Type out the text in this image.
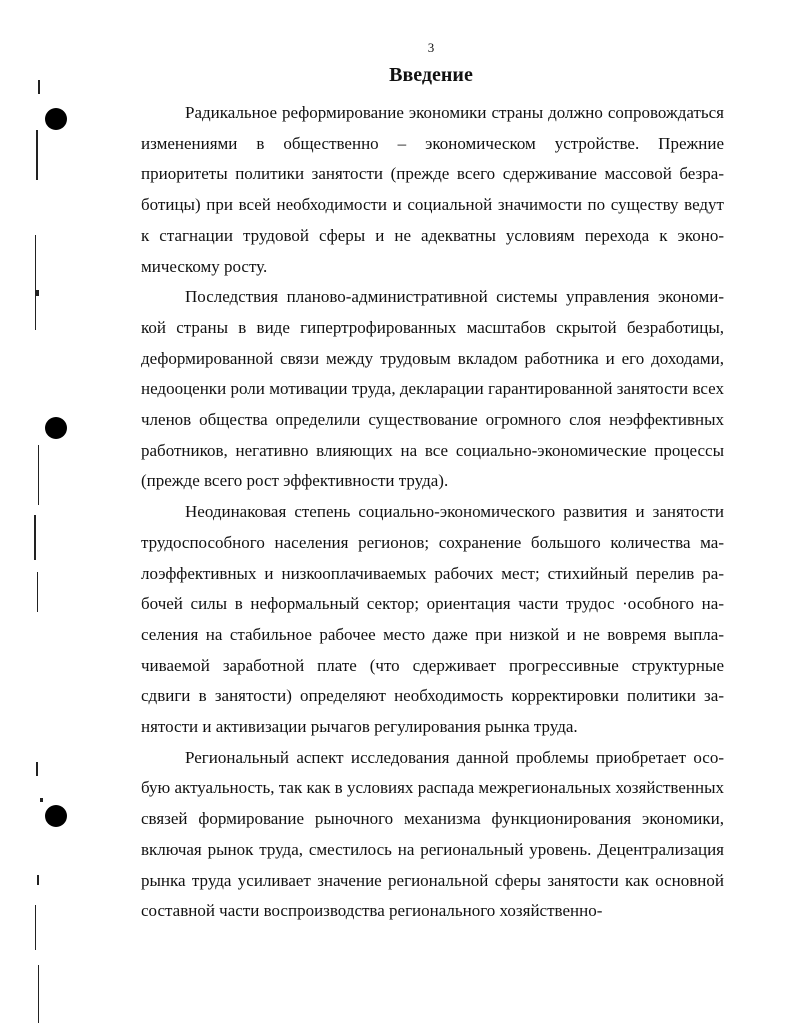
3
Введение

Радикальное реформирование экономики страны должно сопровождаться изменениями в общественно – экономическом устройстве. Прежние приоритеты политики занятости (прежде всего сдерживание массовой безработицы) при всей необходимости и социальной значимости по существу ведут к стагнации трудовой сферы и не адекватны условиям перехода к экономическому росту.

Последствия планово-административной системы управления экономикой страны в виде гипертрофированных масштабов скрытой безработицы, деформированной связи между трудовым вкладом работника и его доходами, недооценки роли мотивации труда, декларации гарантированной занятости всех членов общества определили существование огромного слоя неэффективных работников, негативно влияющих на все социально-экономические процессы (прежде всего рост эффективности труда).

Неодинаковая степень социально-экономического развития и занятости трудоспособного населения регионов; сохранение большого количества малоэффективных и низкооплачиваемых рабочих мест; стихийный перелив рабочей силы в неформальный сектор; ориентация части трудос ·особного населения на стабильное рабочее место даже при низкой и не вовремя выплачиваемой заработной плате (что сдерживает прогрессивные структурные сдвиги в занятости) определяют необходимость корректировки политики занятости и активизации рычагов регулирования рынка труда.

Региональный аспект исследования данной проблемы приобретает особую актуальность, так как в условиях распада межрегиональных хозяйственных связей формирование рыночного механизма функционирования экономики, включая рынок труда, сместилось на региональный уровень. Децентрализация рынка труда усиливает значение региональной сферы занятости как основной составной части воспроизводства регионального хозяйственно-
